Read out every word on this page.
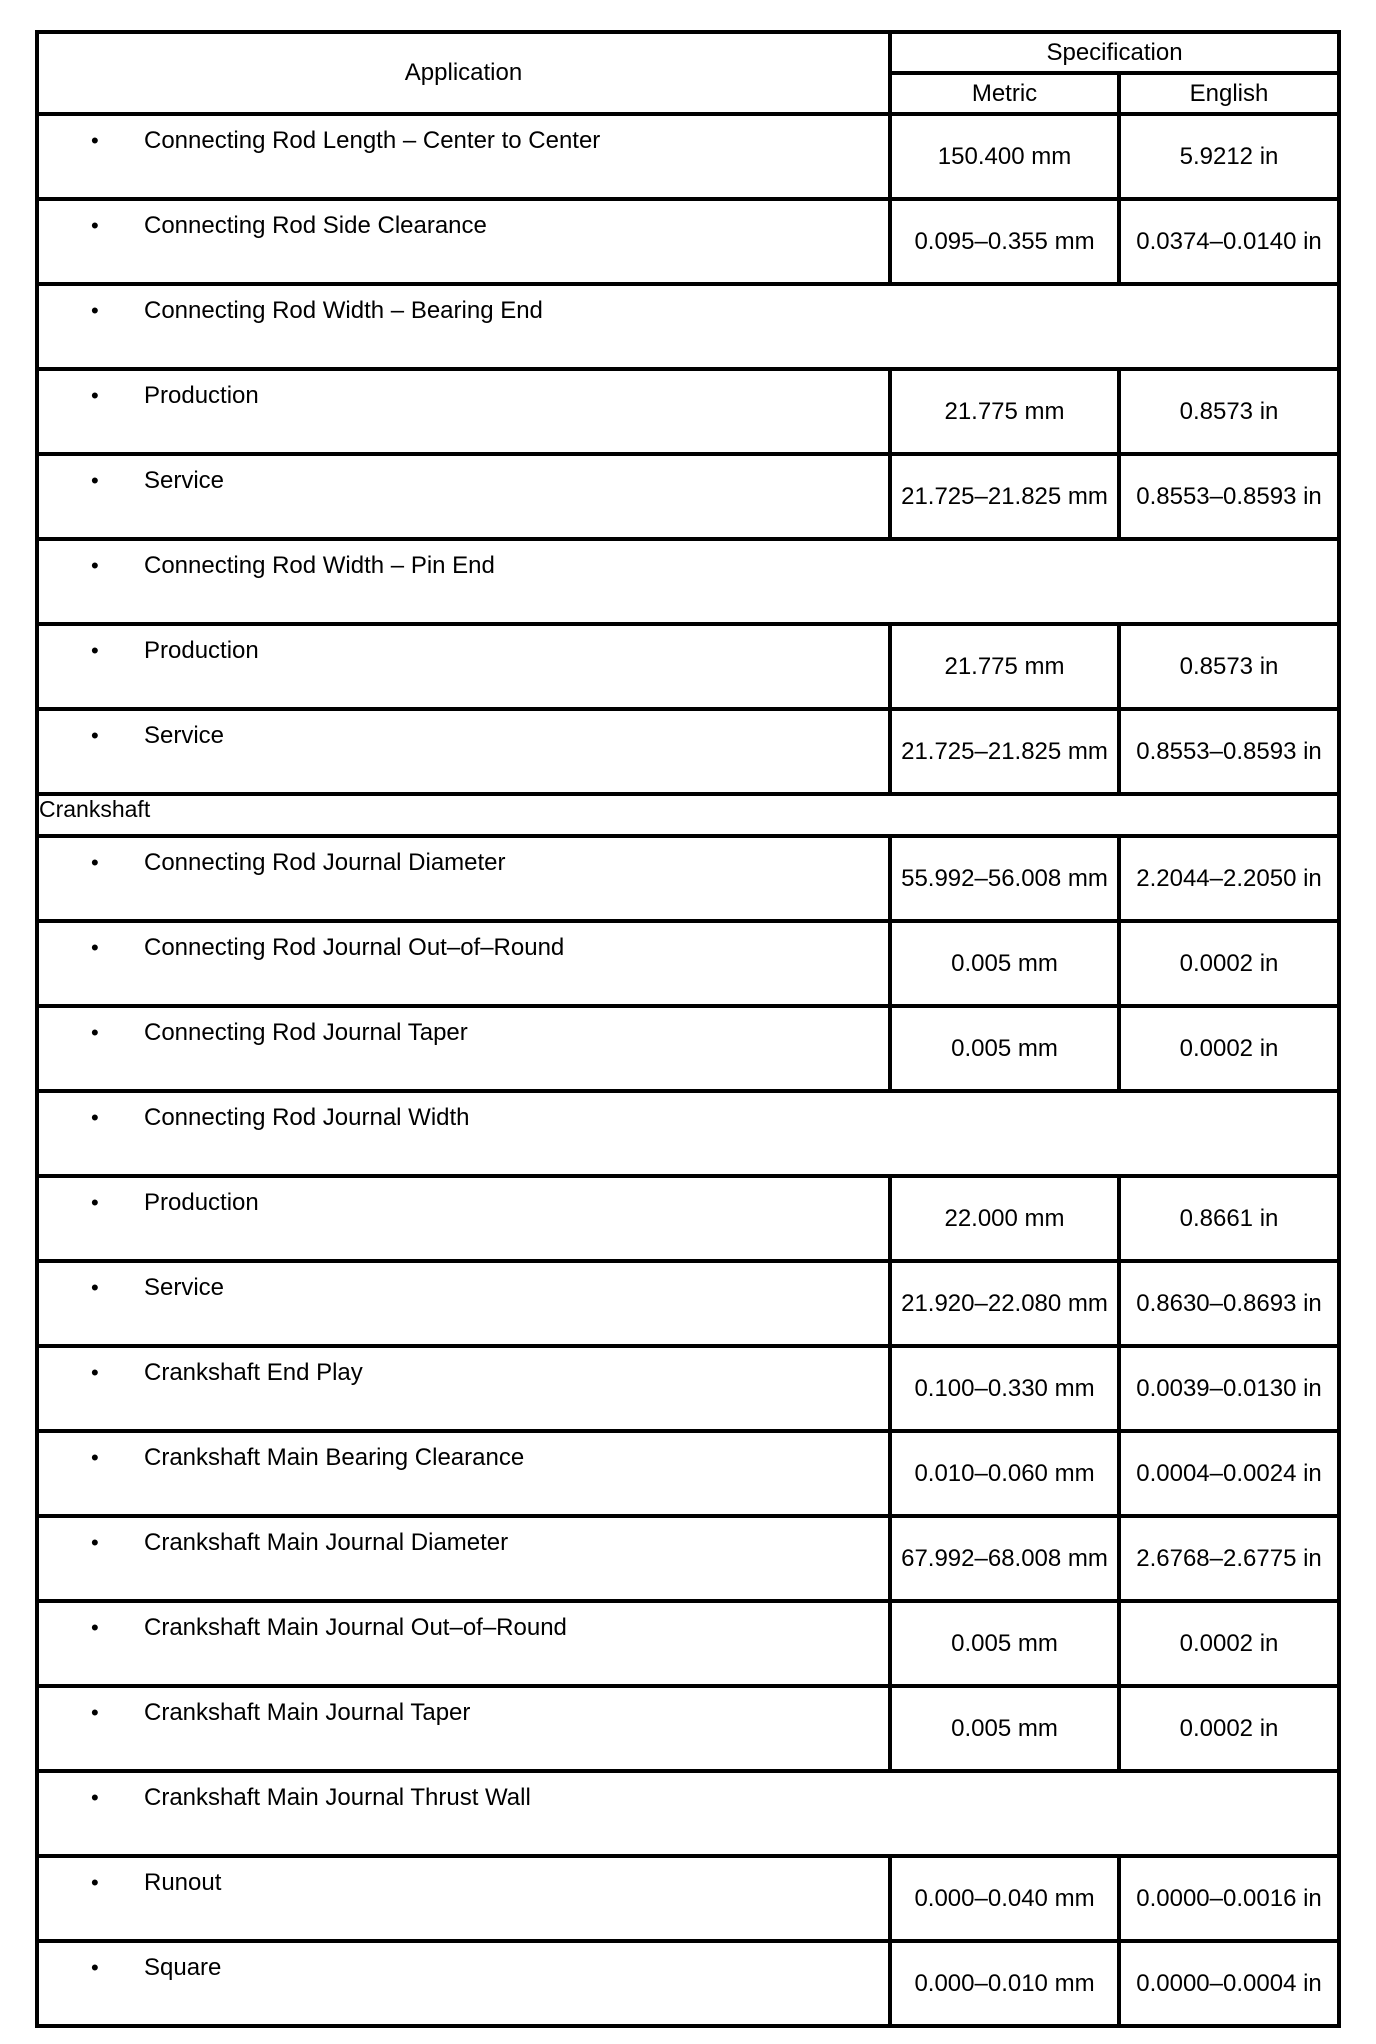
Application	Specification	
	Metric	English

• Connecting Rod Length – Center to Center	150.400 mm	5.9212 in

• Connecting Rod Side Clearance	0.095–0.355 mm	0.0374–0.0140 in

• Connecting Rod Width – Bearing End		

• Production	21.775 mm	0.8573 in

• Service	21.725–21.825 mm	0.8553–0.8593 in

• Connecting Rod Width – Pin End		

• Production	21.775 mm	0.8573 in

• Service	21.725–21.825 mm	0.8553–0.8593 in
Crankshaft		

• Connecting Rod Journal Diameter	55.992–56.008 mm	2.2044–2.2050 in

• Connecting Rod Journal Out–of–Round	0.005 mm	0.0002 in

• Connecting Rod Journal Taper	0.005 mm	0.0002 in

• Connecting Rod Journal Width		

• Production	22.000 mm	0.8661 in

• Service	21.920–22.080 mm	0.8630–0.8693 in

• Crankshaft End Play	0.100–0.330 mm	0.0039–0.0130 in

• Crankshaft Main Bearing Clearance	0.010–0.060 mm	0.0004–0.0024 in

• Crankshaft Main Journal Diameter	67.992–68.008 mm	2.6768–2.6775 in

• Crankshaft Main Journal Out–of–Round	0.005 mm	0.0002 in

• Crankshaft Main Journal Taper	0.005 mm	0.0002 in

• Crankshaft Main Journal Thrust Wall		

• Runout	0.000–0.040 mm	0.0000–0.0016 in

• Square	0.000–0.010 mm	0.0000–0.0004 in
